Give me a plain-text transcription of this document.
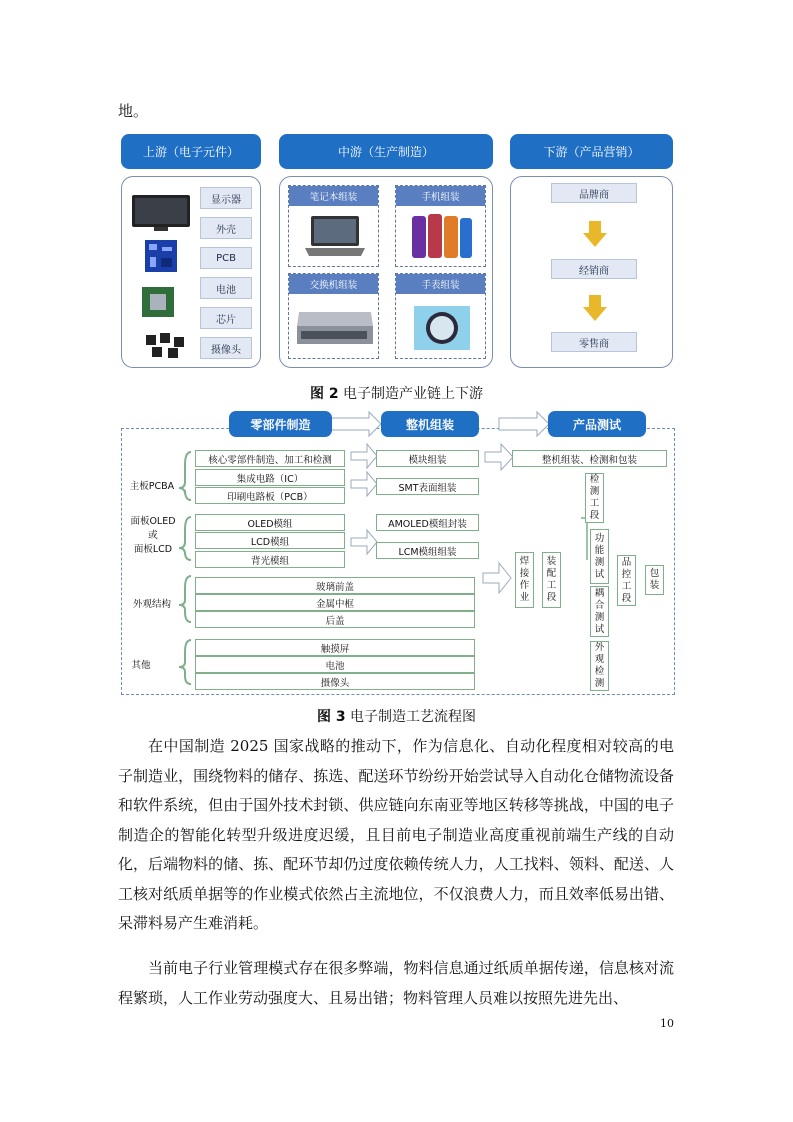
地。
上游（电子元件）	中游（生产制造）	下游（产品营销）
显示器
外壳
PCB
电池
芯片
摄像头
笔记本组装	手机组装
交换机组装	手表组装
品牌商
经销商
零售商
图 2 电子制造产业链上下游
零部件制造	整机组装	产品测试
主板PCBA
面板OLED
或
面板LCD
外观结构
其他
核心零部件制造、加工和检测
集成电路（IC）
印刷电路板（PCB）
OLED模组
LCD模组
背光模组
玻璃前盖
金属中框
后盖
触摸屏
电池
摄像头
模块组装
SMT表面组装
AMOLED模组封装
LCM模组组装
焊
接
作
业
装
配
工
段
整机组装、检测和包装
检
测
工
段
功
能
测
试
耦
合
测
试
外
观
检
测
品
控
工
段
包
装
图 3 电子制造工艺流程图
在中国制造 2025 国家战略的推动下，作为信息化、自动化程度相对较高的电子制造业，围绕物料的储存、拣选、配送环节纷纷开始尝试导入自动化仓储物流设备和软件系统，但由于国外技术封锁、供应链向东南亚等地区转移等挑战，中国的电子制造企的智能化转型升级进度迟缓，且目前电子制造业高度重视前端生产线的自动化，后端物料的储、拣、配环节却仍过度依赖传统人力，人工找料、领料、配送、人工核对纸质单据等的作业模式依然占主流地位，不仅浪费人力，而且效率低易出错、呆滞料易产生难消耗。
当前电子行业管理模式存在很多弊端，物料信息通过纸质单据传递，信息核对流程繁琐，人工作业劳动强度大、且易出错；物料管理人员难以按照先进先出、
10
